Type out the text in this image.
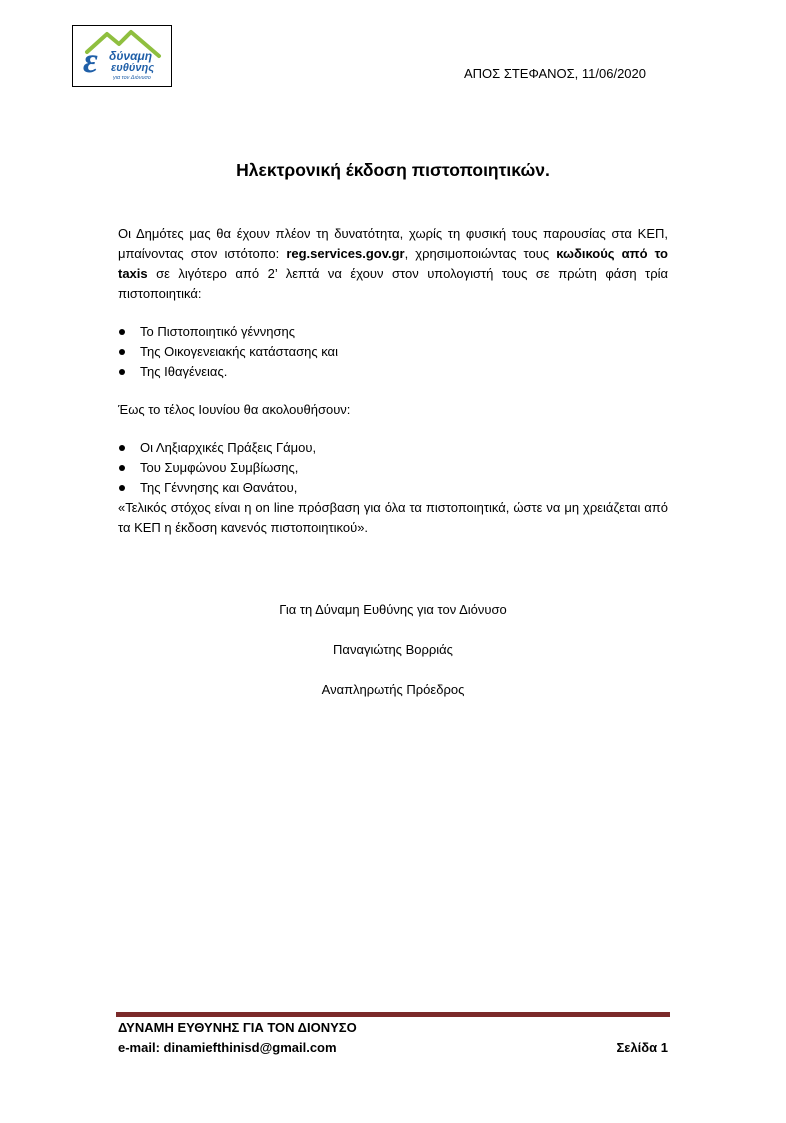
ε δύναμη
ευθύνης
για τον Διόνυσο	ΑΠΟΣ ΣΤΕΦΑΝΟΣ, 11/06/2020
Ηλεκτρονική έκδοση πιστοποιητικών.

Οι Δημότες μας θα έχουν πλέον τη δυνατότητα, χωρίς τη φυσική τους παρουσίας στα ΚΕΠ, μπαίνοντας στον ιστότοπο: reg.services.gov.gr, χρησιμοποιώντας τους κωδικούς από το taxis σε λιγότερο από 2’ λεπτά να έχουν στον υπολογιστή τους σε πρώτη φάση τρία πιστοποιητικά:

Το Πιστοποιητικό γέννησης
Της Οικογενειακής κατάστασης και
Της Ιθαγένειας.

Έως το τέλος Ιουνίου θα ακολουθήσουν:

Οι Ληξιαρχικές Πράξεις Γάμου,
Του Συμφώνου Συμβίωσης,
Της Γέννησης και Θανάτου,

«Τελικός στόχος είναι η on line πρόσβαση για όλα τα πιστοποιητικά, ώστε να μη χρειάζεται από τα ΚΕΠ η έκδοση κανενός πιστοποιητικού».

Για τη Δύναμη Ευθύνης για τον Διόνυσο
Παναγιώτης Βορριάς
Αναπληρωτής Πρόεδρος
ΔΥΝΑΜΗ ΕΥΘΥΝΗΣ ΓΙΑ ΤΟΝ ΔΙΟΝΥΣΟ
e-mail: dinamiefthinisd@gmail.com	Σελίδα 1
